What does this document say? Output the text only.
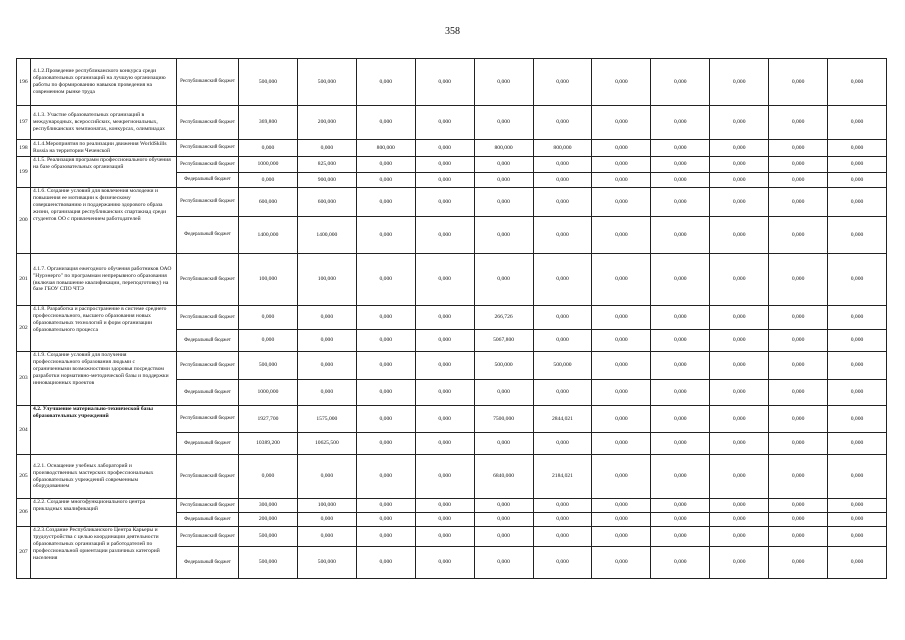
358
196	4.1.2.Проведение республиканского конкурса среди образовательных организаций на лучшую организацию работы по формированию навыков проведения на современном рынке труда	Республиканский бюджет	500,000	500,000	0,000	0,000	0,000	0,000	0,000	0,000	0,000	0,000	0,000
197	4.1.3. Участие образовательных организаций в международных, всероссийских, межрегиональных, республиканских чемпионатах, конкурсах, олимпиадах	Республиканский бюджет	369,800	200,000	0,000	0,000	0,000	0,000	0,000	0,000	0,000	0,000	0,000
198	4.1.4.Мероприятия по реализации движения WorldSkills Russia на территории Чеченской	Республиканский бюджет	0,000	0,000	800,000	0,000	800,000	800,000	0,000	0,000	0,000	0,000	0,000
199	4.1.5. Реализация программ профессионального обучения на базе образовательных организаций	Республиканский бюджет	1000,000	825,000	0,000	0,000	0,000	0,000	0,000	0,000	0,000	0,000	0,000
		Федеральный бюджет	0,000	900,000	0,000	0,000	0,000	0,000	0,000	0,000	0,000	0,000	0,000
200	4.1.6. Создание условий для вовлечения молодежи и повышения ее мотивации к физическому совершенствованию и поддержанию здорового образа жизни, организация республиканских спартакиад среди студентов ОО с привлечением работодателей	Республиканский бюджет	600,000	600,000	0,000	0,000	0,000	0,000	0,000	0,000	0,000	0,000	0,000
		Федеральный бюджет	1400,000	1400,000	0,000	0,000	0,000	0,000	0,000	0,000	0,000	0,000	0,000
201	4.1.7. Организация ежегодного обучения работников ОАО "Нурэнерго" по программам непрерывного образования (включая повышение квалификации, переподготовку) на базе ГБОУ СПО ЧТЭ	Республиканский бюджет	100,000	100,000	0,000	0,000	0,000	0,000	0,000	0,000	0,000	0,000	0,000
202	4.1.8. Разработка и распространение в системе среднего профессионального, высшего образования новых образовательных технологий и форм организации образовательного процесса	Республиканский бюджет	0,000	0,000	0,000	0,000	266,726	0,000	0,000	0,000	0,000	0,000	0,000
		Федеральный бюджет	0,000	0,000	0,000	0,000	5067,800	0,000	0,000	0,000	0,000	0,000	0,000
203	4.1.9. Создание условий для получения профессионального образования людьми с ограниченными возможностями здоровья посредством разработки нормативно-методической базы и поддержки инновационных проектов	Республиканский бюджет	500,000	0,000	0,000	0,000	500,000	500,000	0,000	0,000	0,000	0,000	0,000
		Федеральный бюджет	1000,000	0,000	0,000	0,000	0,000	0,000	0,000	0,000	0,000	0,000	0,000
204	4.2. Улучшение материально-технической базы образовательных учреждений	Республиканский бюджет	1927,700	1575,000	0,000	0,000	7500,000	2844,021	0,000	0,000	0,000	0,000	0,000
		Федеральный бюджет	10389,200	10625,500	0,000	0,000	0,000	0,000	0,000	0,000	0,000	0,000	0,000
205	4.2.1. Оснащение учебных лабораторий и производственных мастерских профессиональных образовательных учреждений современным оборудованием	Республиканский бюджет	0,000	0,000	0,000	0,000	6840,000	2184,021	0,000	0,000	0,000	0,000	0,000
206	4.2.2. Создание многофункционального центра прикладных квалификаций	Республиканский бюджет	300,000	100,000	0,000	0,000	0,000	0,000	0,000	0,000	0,000	0,000	0,000
		Федеральный бюджет	200,000	0,000	0,000	0,000	0,000	0,000	0,000	0,000	0,000	0,000	0,000
207	4.2.3.Создание Республиканского Центра Карьеры и трудоустройства с целью координации деятельности образовательных организаций и работодателей по профессиональной ориентации различных категорий населения	Республиканский бюджет	500,000	0,000	0,000	0,000	0,000	0,000	0,000	0,000	0,000	0,000	0,000
		Федеральный бюджет	500,000	500,000	0,000	0,000	0,000	0,000	0,000	0,000	0,000	0,000	0,000
